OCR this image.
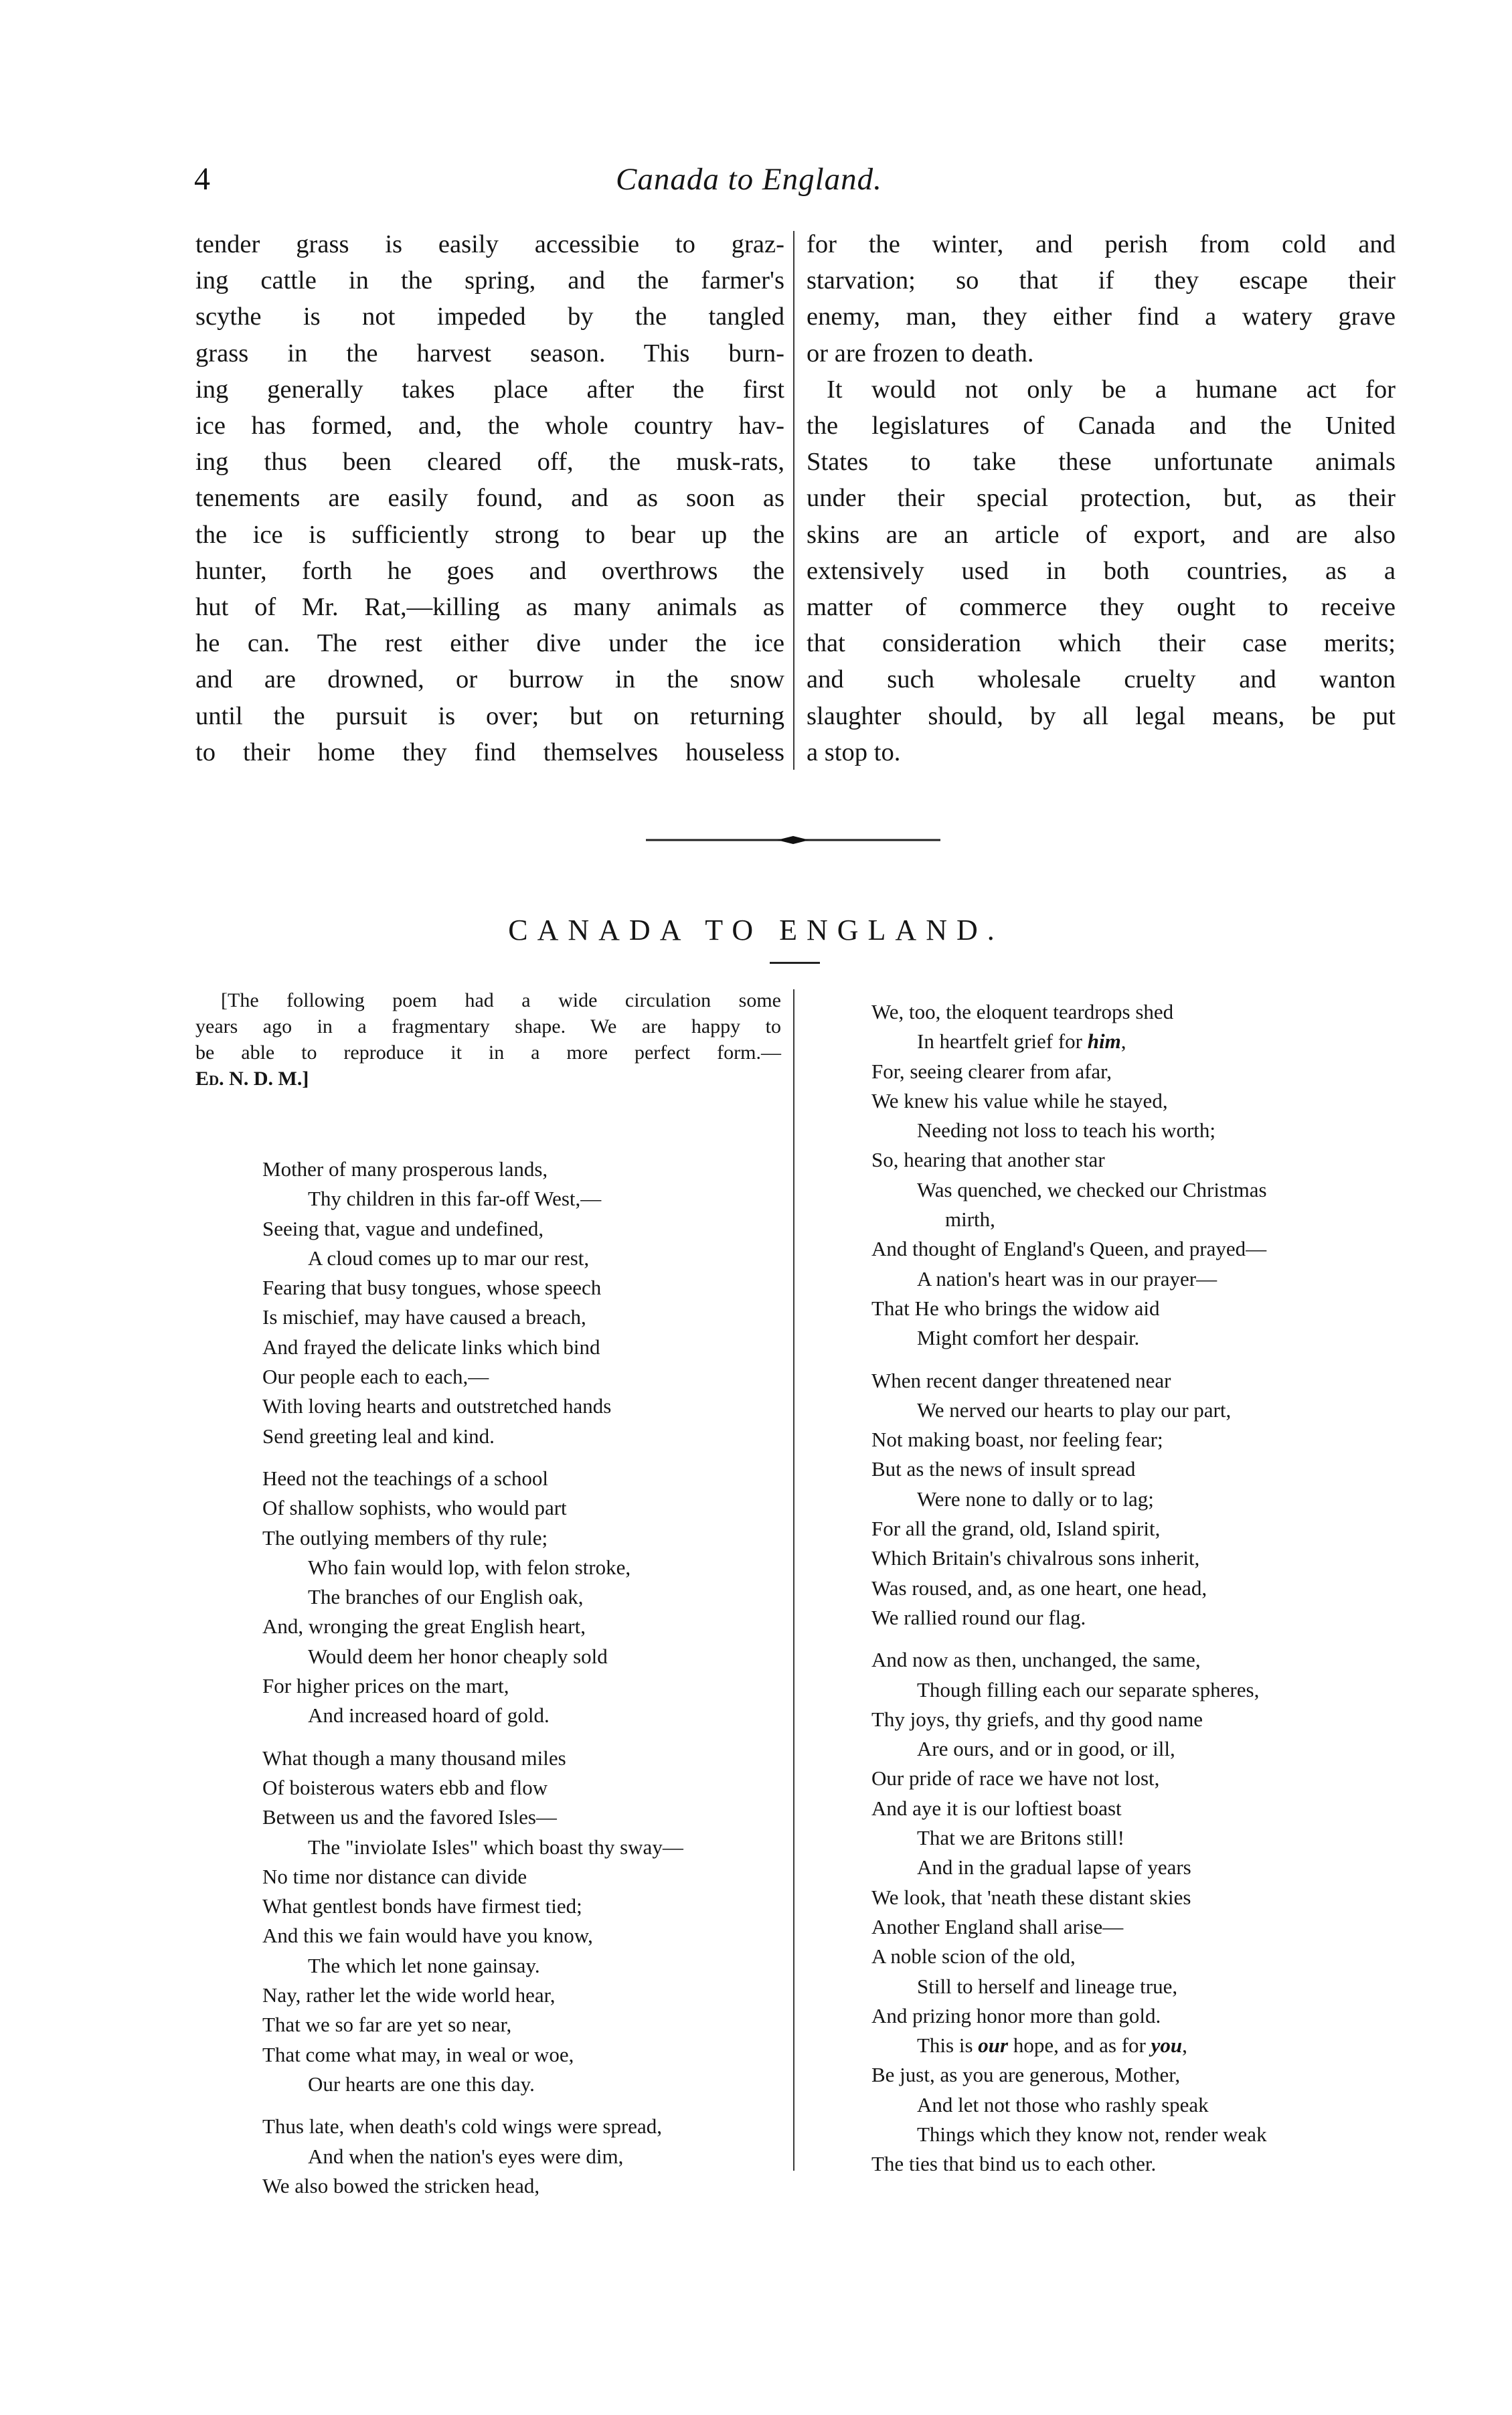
4	Canada to England.
tender grass is easily accessibie to graz-
ing cattle in the spring, and the farmer's
scythe is not impeded by the tangled
grass in the harvest season. This burn-
ing generally takes place after the first
ice has formed, and, the whole country hav-
ing thus been cleared off, the musk-rats,
tenements are easily found, and as soon as
the ice is sufficiently strong to bear up the
hunter, forth he goes and overthrows the
hut of Mr. Rat,—killing as many animals as
he can. The rest either dive under the ice
and are drowned, or burrow in the snow
until the pursuit is over; but on returning
to their home they find themselves houseless
for the winter, and perish from cold and
starvation; so that if they escape their
enemy, man, they either find a watery grave
or are frozen to death.
It would not only be a humane act for
the legislatures of Canada and the United
States to take these unfortunate animals
under their special protection, but, as their
skins are an article of export, and are also
extensively used in both countries, as a
matter of commerce they ought to receive
that consideration which their case merits;
and such wholesale cruelty and wanton
slaughter should, by all legal means, be put
a stop to.
CANADA TO ENGLAND.
[The following poem had a wide circulation some
years ago in a fragmentary shape. We are happy to
be able to reproduce it in a more perfect form.—
Ed. N. D. M.]
Mother of many prosperous lands,
Thy children in this far-off West,—
Seeing that, vague and undefined,
A cloud comes up to mar our rest,
Fearing that busy tongues, whose speech
Is mischief, may have caused a breach,
And frayed the delicate links which bind
Our people each to each,—
With loving hearts and outstretched hands
Send greeting leal and kind.
Heed not the teachings of a school
Of shallow sophists, who would part
The outlying members of thy rule;
Who fain would lop, with felon stroke,
The branches of our English oak,
And, wronging the great English heart,
Would deem her honor cheaply sold
For higher prices on the mart,
And increased hoard of gold.
What though a many thousand miles
Of boisterous waters ebb and flow
Between us and the favored Isles—
The "inviolate Isles" which boast thy sway—
No time nor distance can divide
What gentlest bonds have firmest tied;
And this we fain would have you know,
The which let none gainsay.
Nay, rather let the wide world hear,
That we so far are yet so near,
That come what may, in weal or woe,
Our hearts are one this day.
Thus late, when death's cold wings were spread,
And when the nation's eyes were dim,
We also bowed the stricken head,
We, too, the eloquent teardrops shed
In heartfelt grief for him,
For, seeing clearer from afar,
We knew his value while he stayed,
Needing not loss to teach his worth;
So, hearing that another star
Was quenched, we checked our Christmas
mirth,
And thought of England's Queen, and prayed—
A nation's heart was in our prayer—
That He who brings the widow aid
Might comfort her despair.
When recent danger threatened near
We nerved our hearts to play our part,
Not making boast, nor feeling fear;
But as the news of insult spread
Were none to dally or to lag;
For all the grand, old, Island spirit,
Which Britain's chivalrous sons inherit,
Was roused, and, as one heart, one head,
We rallied round our flag.
And now as then, unchanged, the same,
Though filling each our separate spheres,
Thy joys, thy griefs, and thy good name
Are ours, and or in good, or ill,
Our pride of race we have not lost,
And aye it is our loftiest boast
That we are Britons still!
And in the gradual lapse of years
We look, that 'neath these distant skies
Another England shall arise—
A noble scion of the old,
Still to herself and lineage true,
And prizing honor more than gold.
This is our hope, and as for you,
Be just, as you are generous, Mother,
And let not those who rashly speak
Things which they know not, render weak
The ties that bind us to each other.
